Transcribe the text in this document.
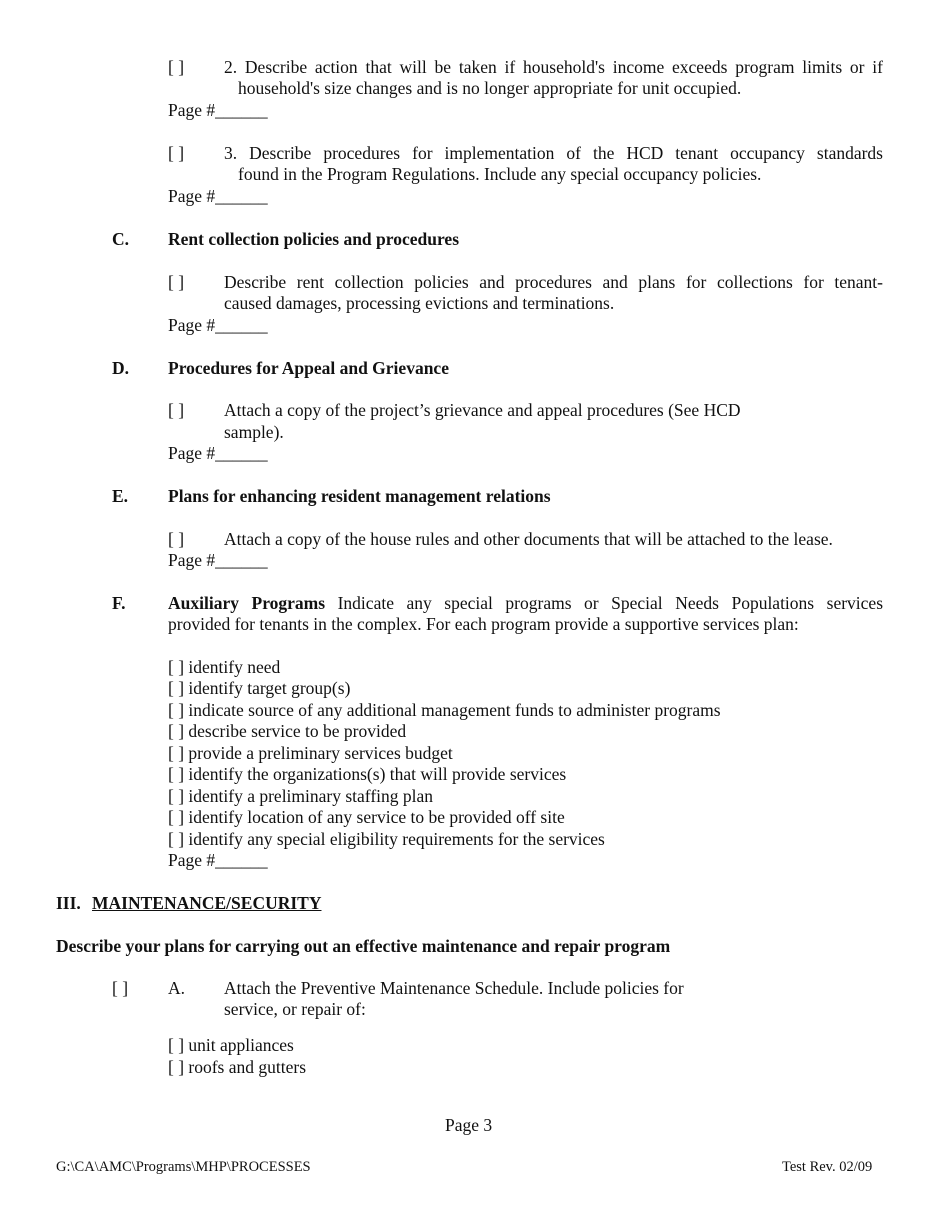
[ ] 2. Describe action that will be taken if household's income exceeds program limits or if
household's size changes and is no longer appropriate for unit occupied.
Page #______
[ ] 3. Describe procedures for implementation of the HCD tenant occupancy standards
found in the Program Regulations. Include any special occupancy policies.
Page #______
C. Rent collection policies and procedures
[ ] Describe rent collection policies and procedures and plans for collections for tenant-
caused damages, processing evictions and terminations.
Page #______
D. Procedures for Appeal and Grievance
[ ] Attach a copy of the project’s grievance and appeal procedures (See HCD
sample).
Page #______
E. Plans for enhancing resident management relations
[ ] Attach a copy of the house rules and other documents that will be attached to the lease.
Page #______
F. Auxiliary Programs Indicate any special programs or Special Needs Populations services
provided for tenants in the complex. For each program provide a supportive services plan:
[ ] identify need
[ ] identify target group(s)
[ ] indicate source of any additional management funds to administer programs
[ ] describe service to be provided
[ ] provide a preliminary services budget
[ ] identify the organizations(s) that will provide services
[ ] identify a preliminary staffing plan
[ ] identify location of any service to be provided off site
[ ] identify any special eligibility requirements for the services
Page #______
III. MAINTENANCE/SECURITY
Describe your plans for carrying out an effective maintenance and repair program
[ ] A. Attach the Preventive Maintenance Schedule. Include policies for
service, or repair of:
[ ] unit appliances
[ ] roofs and gutters
Page 3
G:\CA\AMC\Programs\MHP\PROCESSES	Test Rev. 02/09
